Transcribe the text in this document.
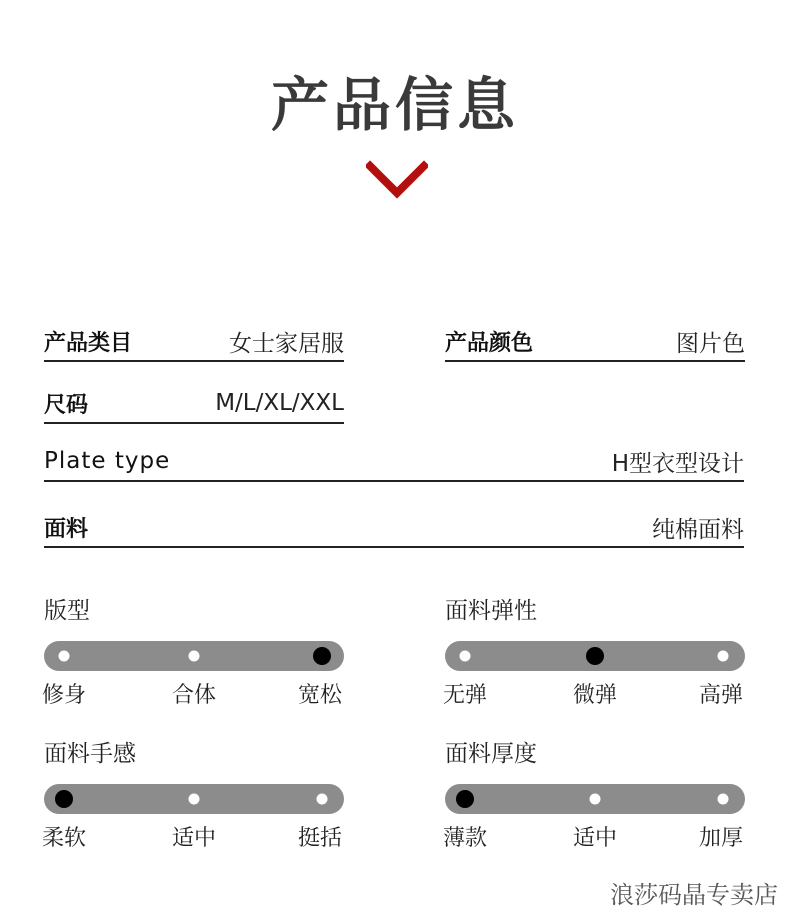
产品信息
产品类目	女士家居服	产品颜色	图片色
尺码	M/L/XL/XXL
Plate type	H型衣型设计
面料	纯棉面料
版型
修身	合体	宽松
面料弹性
无弹	微弹	高弹
面料手感
柔软	适中	挺括
面料厚度
薄款	适中	加厚
浪莎码晶专卖店
